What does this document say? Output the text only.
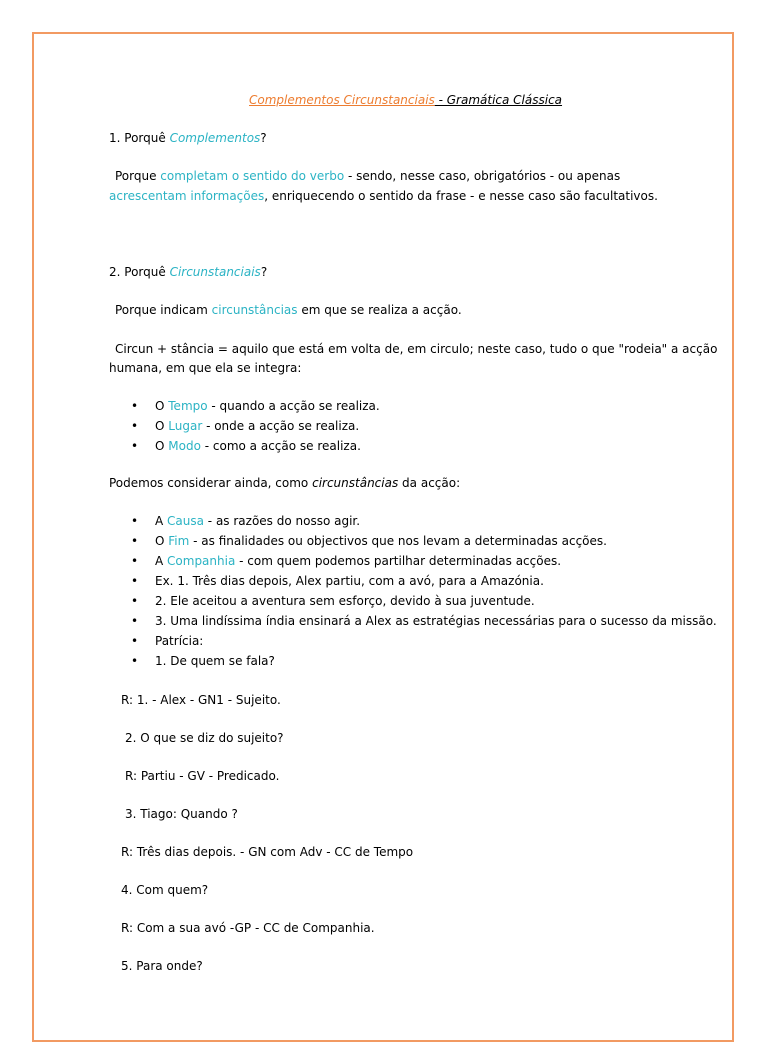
Complementos Circunstanciais - Gramática Clássica
1. Porquê Complementos?
Porque completam o sentido do verbo - sendo, nesse caso, obrigatórios - ou apenas acrescentam informações, enriquecendo o sentido da frase - e nesse caso são facultativos.
2. Porquê Circunstanciais?
Porque indicam circunstâncias em que se realiza a acção.
Circun + stância = aquilo que está em volta de, em circulo; neste caso, tudo o que "rodeia" a acção
humana, em que ela se integra:
• O Tempo - quando a acção se realiza.
• O Lugar - onde a acção se realiza.
• O Modo - como a acção se realiza.
Podemos considerar ainda, como circunstâncias da acção:
• A Causa - as razões do nosso agir.
• O Fim - as finalidades ou objectivos que nos levam a determinadas acções.
• A Companhia - com quem podemos partilhar determinadas acções.
• Ex. 1. Três dias depois, Alex partiu, com a avó, para a Amazónia.
• 2. Ele aceitou a aventura sem esforço, devido à sua juventude.
• 3. Uma lindíssima índia ensinará a Alex as estratégias necessárias para o sucesso da missão.
• Patrícia:
• 1. De quem se fala?
R: 1. - Alex - GN1 - Sujeito.
2. O que se diz do sujeito?
R: Partiu - GV - Predicado.
3. Tiago: Quando ?
R: Três dias depois. - GN com Adv - CC de Tempo
4. Com quem?
R: Com a sua avó -GP - CC de Companhia.
5. Para onde?
